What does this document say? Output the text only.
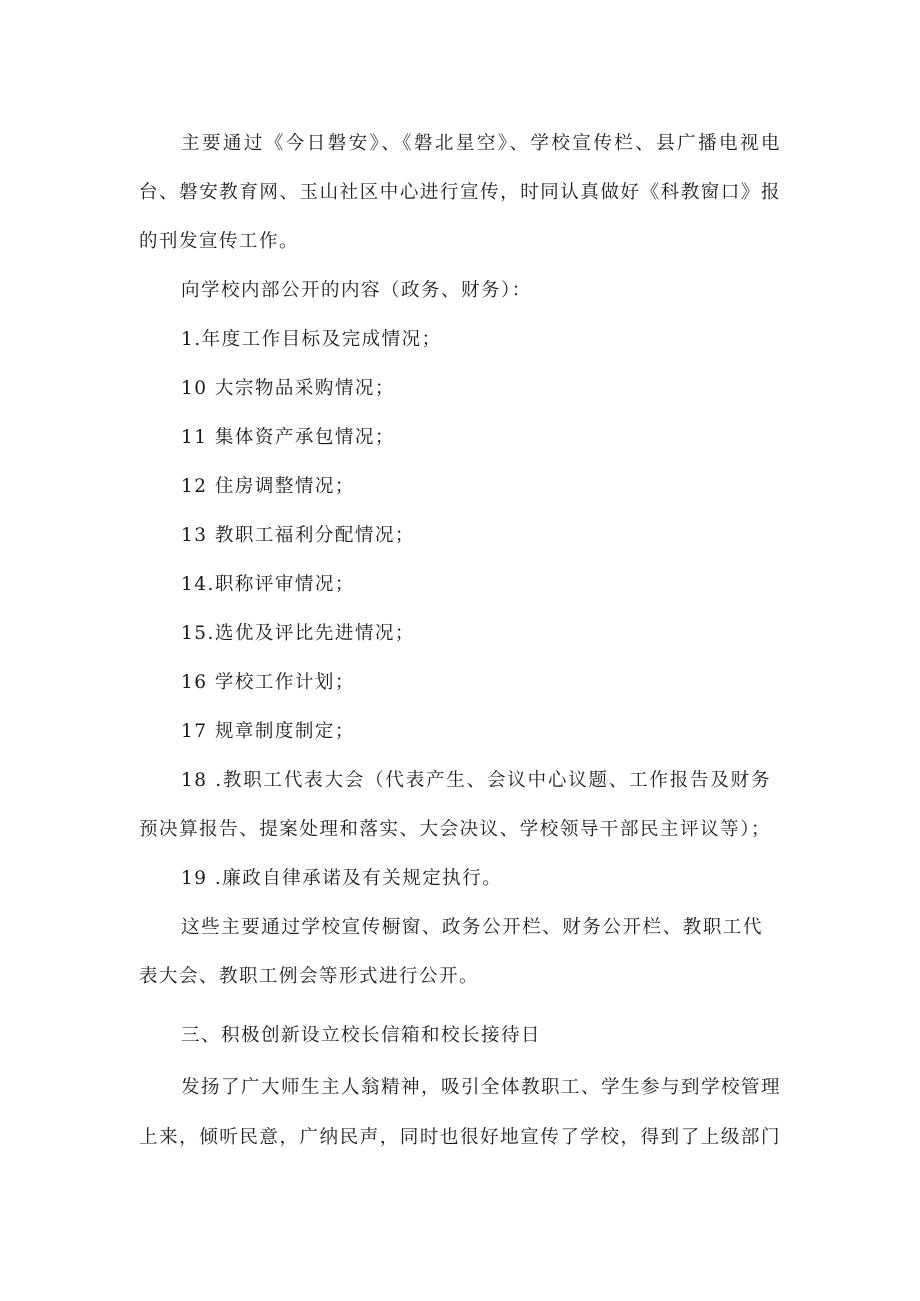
主要通过《今日磐安》、《磐北星空》、学校宣传栏、县广播电视电
台、磐安教育网、玉山社区中心进行宣传，时同认真做好《科教窗口》报
的刊发宣传工作。
向学校内部公开的内容（政务、财务）：
1.年度工作目标及完成情况；
10 大宗物品采购情况；
11 集体资产承包情况；
12 住房调整情况；
13 教职工福利分配情况；
14.职称评审情况；
15.选优及评比先进情况；
16 学校工作计划；
17 规章制度制定；
18 .教职工代表大会（代表产生、会议中心议题、工作报告及财务
预决算报告、提案处理和落实、大会决议、学校领导干部民主评议等）；
19 .廉政自律承诺及有关规定执行。
这些主要通过学校宣传橱窗、政务公开栏、财务公开栏、教职工代
表大会、教职工例会等形式进行公开。
三、积极创新设立校长信箱和校长接待日
发扬了广大师生主人翁精神，吸引全体教职工、学生参与到学校管理
上来，倾听民意，广纳民声，同时也很好地宣传了学校，得到了上级部门
